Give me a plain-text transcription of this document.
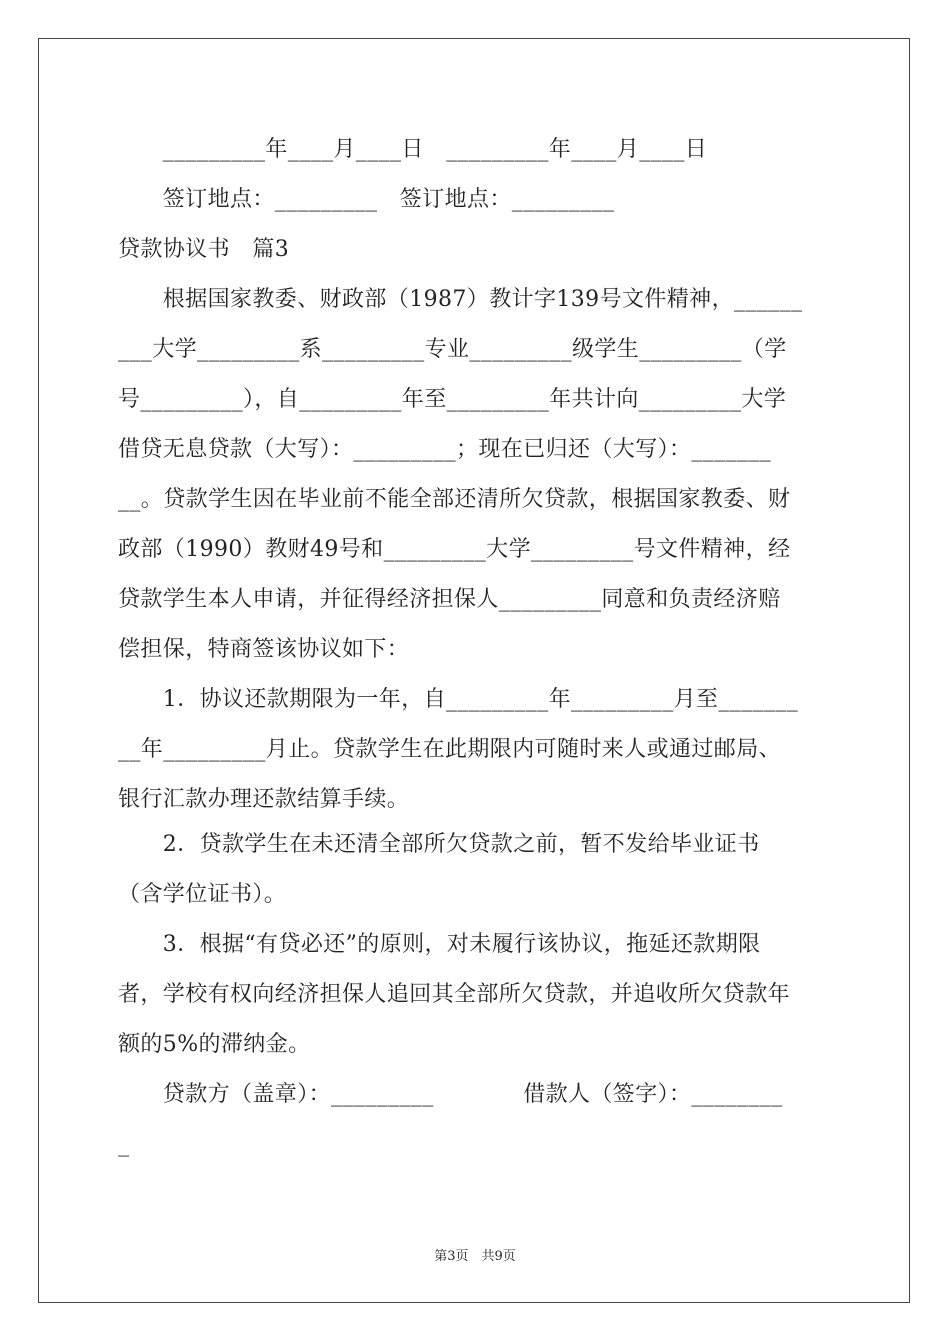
　　_________年____月____日　_________年____月____日
　　签订地点：_________　签订地点：_________
贷款协议书　篇3
　　根据国家教委、财政部（1987）教计字139号文件精神，______
___大学_________系_________专业_________级学生_________（学
号_________），自_________年至_________年共计向_________大学
借贷无息贷款（大写）：_________；现在已归还（大写）：_______
__。贷款学生因在毕业前不能全部还清所欠贷款，根据国家教委、财
政部（1990）教财49号和_________大学_________号文件精神，经
贷款学生本人申请，并征得经济担保人_________同意和负责经济赔
偿担保，特商签该协议如下：
　　1．协议还款期限为一年，自_________年_________月至_______
__年_________月止。贷款学生在此期限内可随时来人或通过邮局、
银行汇款办理还款结算手续。
　　2．贷款学生在未还清全部所欠贷款之前，暂不发给毕业证书
（含学位证书）。
　　3．根据“有贷必还”的原则，对未履行该协议，拖延还款期限
者，学校有权向经济担保人追回其全部所欠贷款，并追收所欠贷款年
额的5%的滞纳金。
　　贷款方（盖章）：_________　　　　借款人（签字）：________
_
第3页　共9页
